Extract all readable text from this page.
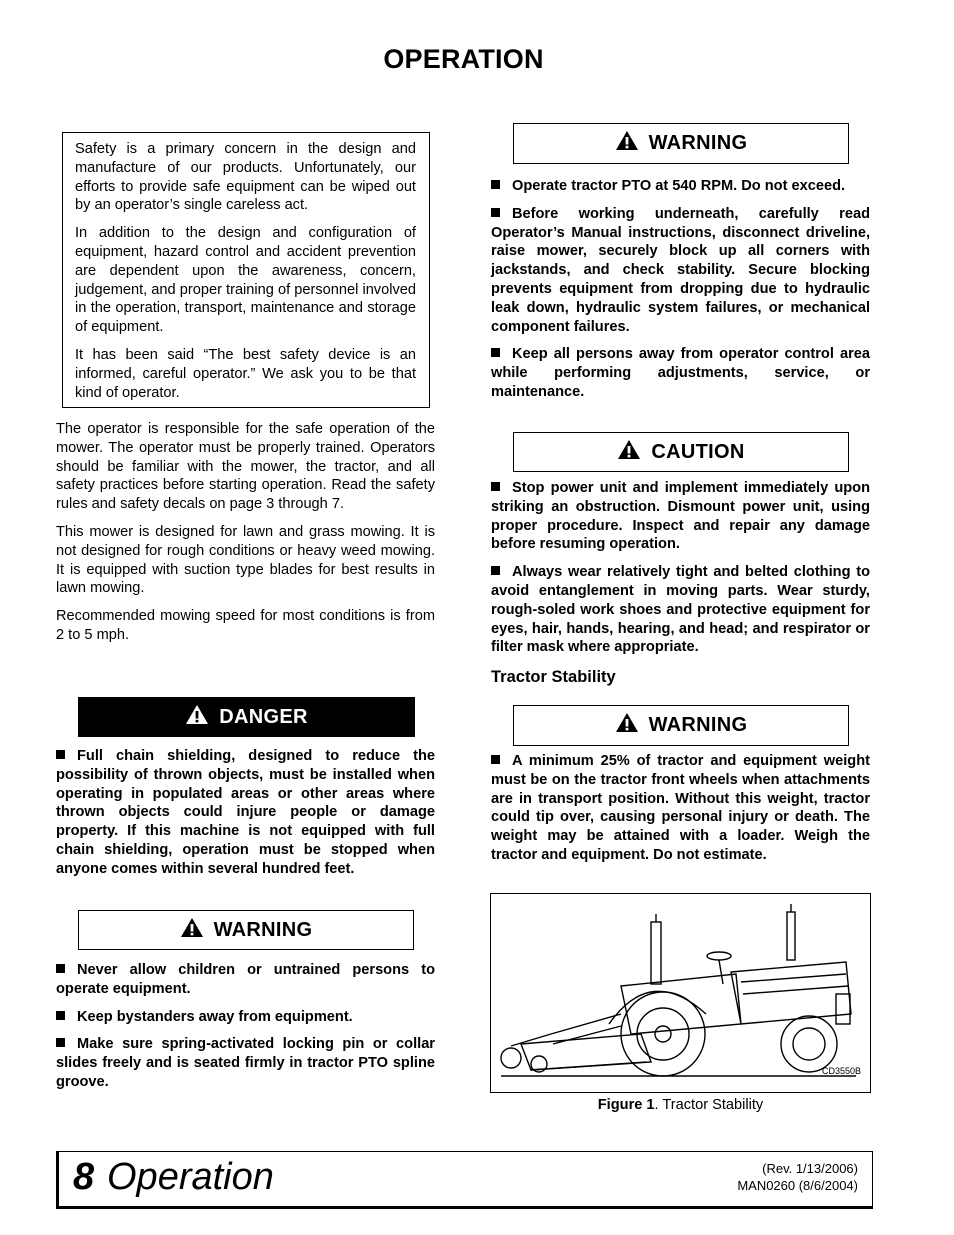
OPERATION

Safety is a primary concern in the design and manufacture of our products. Unfortunately, our efforts to provide safe equipment can be wiped out by an operator’s single careless act.

In addition to the design and configuration of equipment, hazard control and accident prevention are dependent upon the awareness, concern, judgement, and proper training of personnel involved in the operation, transport, maintenance and storage of equipment.

It has been said “The best safety device is an informed, careful operator.” We ask you to be that kind of operator.

The operator is responsible for the safe operation of the mower. The operator must be properly trained. Operators should be familiar with the mower, the tractor, and all safety practices before starting operation. Read the safety rules and safety decals on page 3 through 7.

This mower is designed for lawn and grass mowing. It is not designed for rough conditions or heavy weed mowing. It is equipped with suction type blades for best results in lawn mowing.

Recommended mowing speed for most conditions is from 2 to 5 mph.

DANGER

Full chain shielding, designed to reduce the possibility of thrown objects, must be installed when operating in populated areas or other areas where thrown objects could injure people or damage property. If this machine is not equipped with full chain shielding, operation must be stopped when anyone comes within several hundred feet.

WARNING

Never allow children or untrained persons to operate equipment.

Keep bystanders away from equipment.

Make sure spring-activated locking pin or collar slides freely and is seated firmly in tractor PTO spline groove.

WARNING

Operate tractor PTO at 540 RPM. Do not exceed.

Before working underneath, carefully read Operator’s Manual instructions, disconnect driveline, raise mower, securely block up all corners with jackstands, and check stability. Secure blocking prevents equipment from dropping due to hydraulic leak down, hydraulic system failures, or mechanical component failures.

Keep all persons away from operator control area while performing adjustments, service, or maintenance.

CAUTION

Stop power unit and implement immediately upon striking an obstruction. Dismount power unit, using proper procedure. Inspect and repair any damage before resuming operation.

Always wear relatively tight and belted clothing to avoid entanglement in moving parts. Wear sturdy, rough-soled work shoes and protective equipment for eyes, hair, hands, hearing, and head; and respirator or filter mask where appropriate.

Tractor Stability
WARNING

A minimum 25% of tractor and equipment weight must be on the tractor front wheels when attachments are in transport position. Without this weight, tractor could tip over, causing personal injury or death. The weight may be attained with a loader. Weigh the tractor and equipment. Do not estimate.

CD3550B
Figure 1. Tractor Stability
8 Operation	(Rev. 1/13/2006)
MAN0260 (8/6/2004)
